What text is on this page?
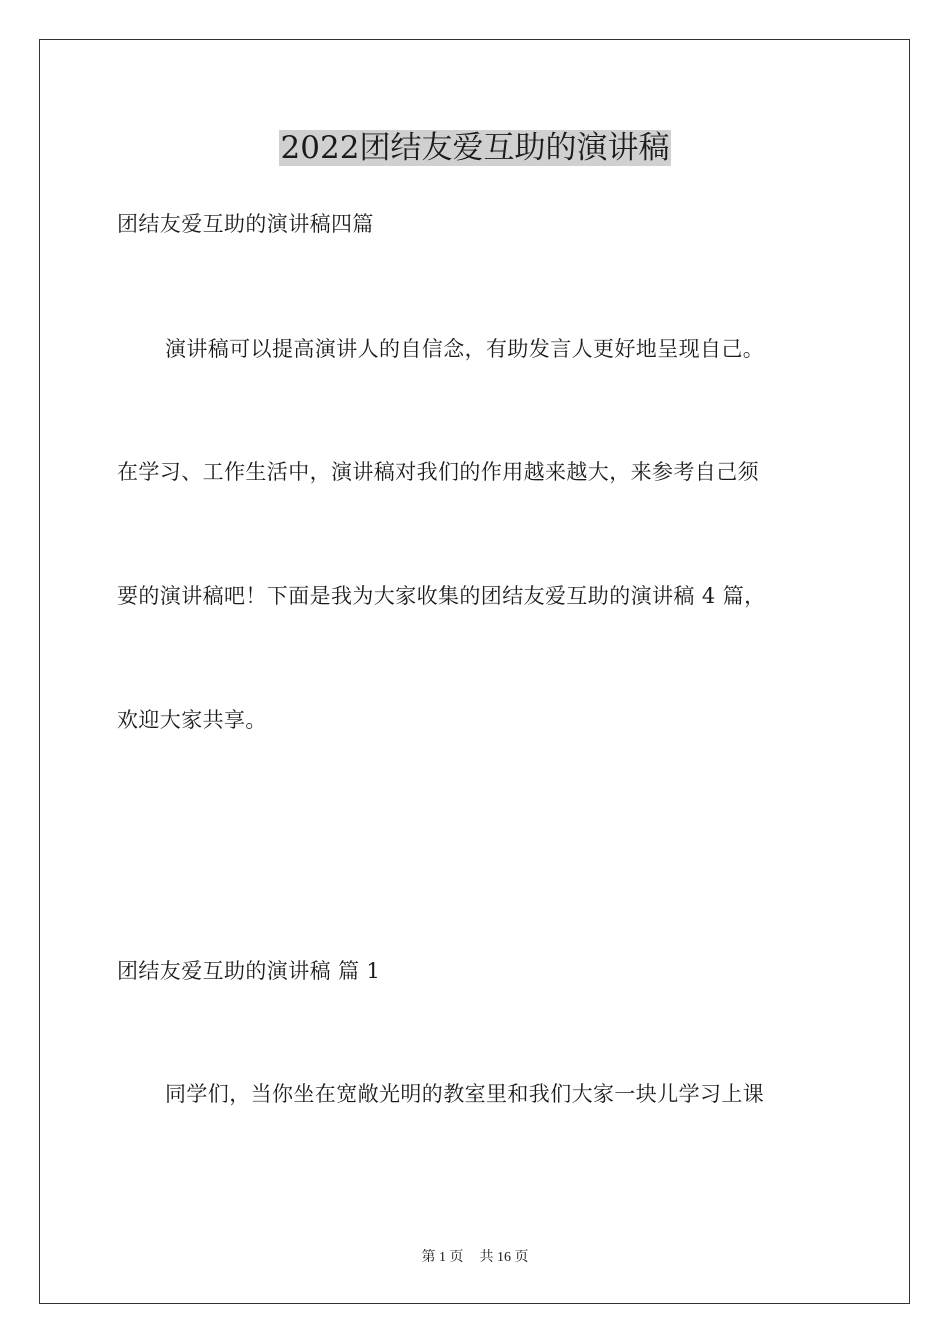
2022团结友爱互助的演讲稿
团结友爱互助的演讲稿四篇
演讲稿可以提高演讲人的自信念，有助发言人更好地呈现自己。
在学习、工作生活中，演讲稿对我们的作用越来越大，来参考自己须
要的演讲稿吧！下面是我为大家收集的团结友爱互助的演讲稿 4 篇，
欢迎大家共享。
团结友爱互助的演讲稿 篇 1
同学们，当你坐在宽敞光明的教室里和我们大家一块儿学习上课
第 1 页 共 16 页
